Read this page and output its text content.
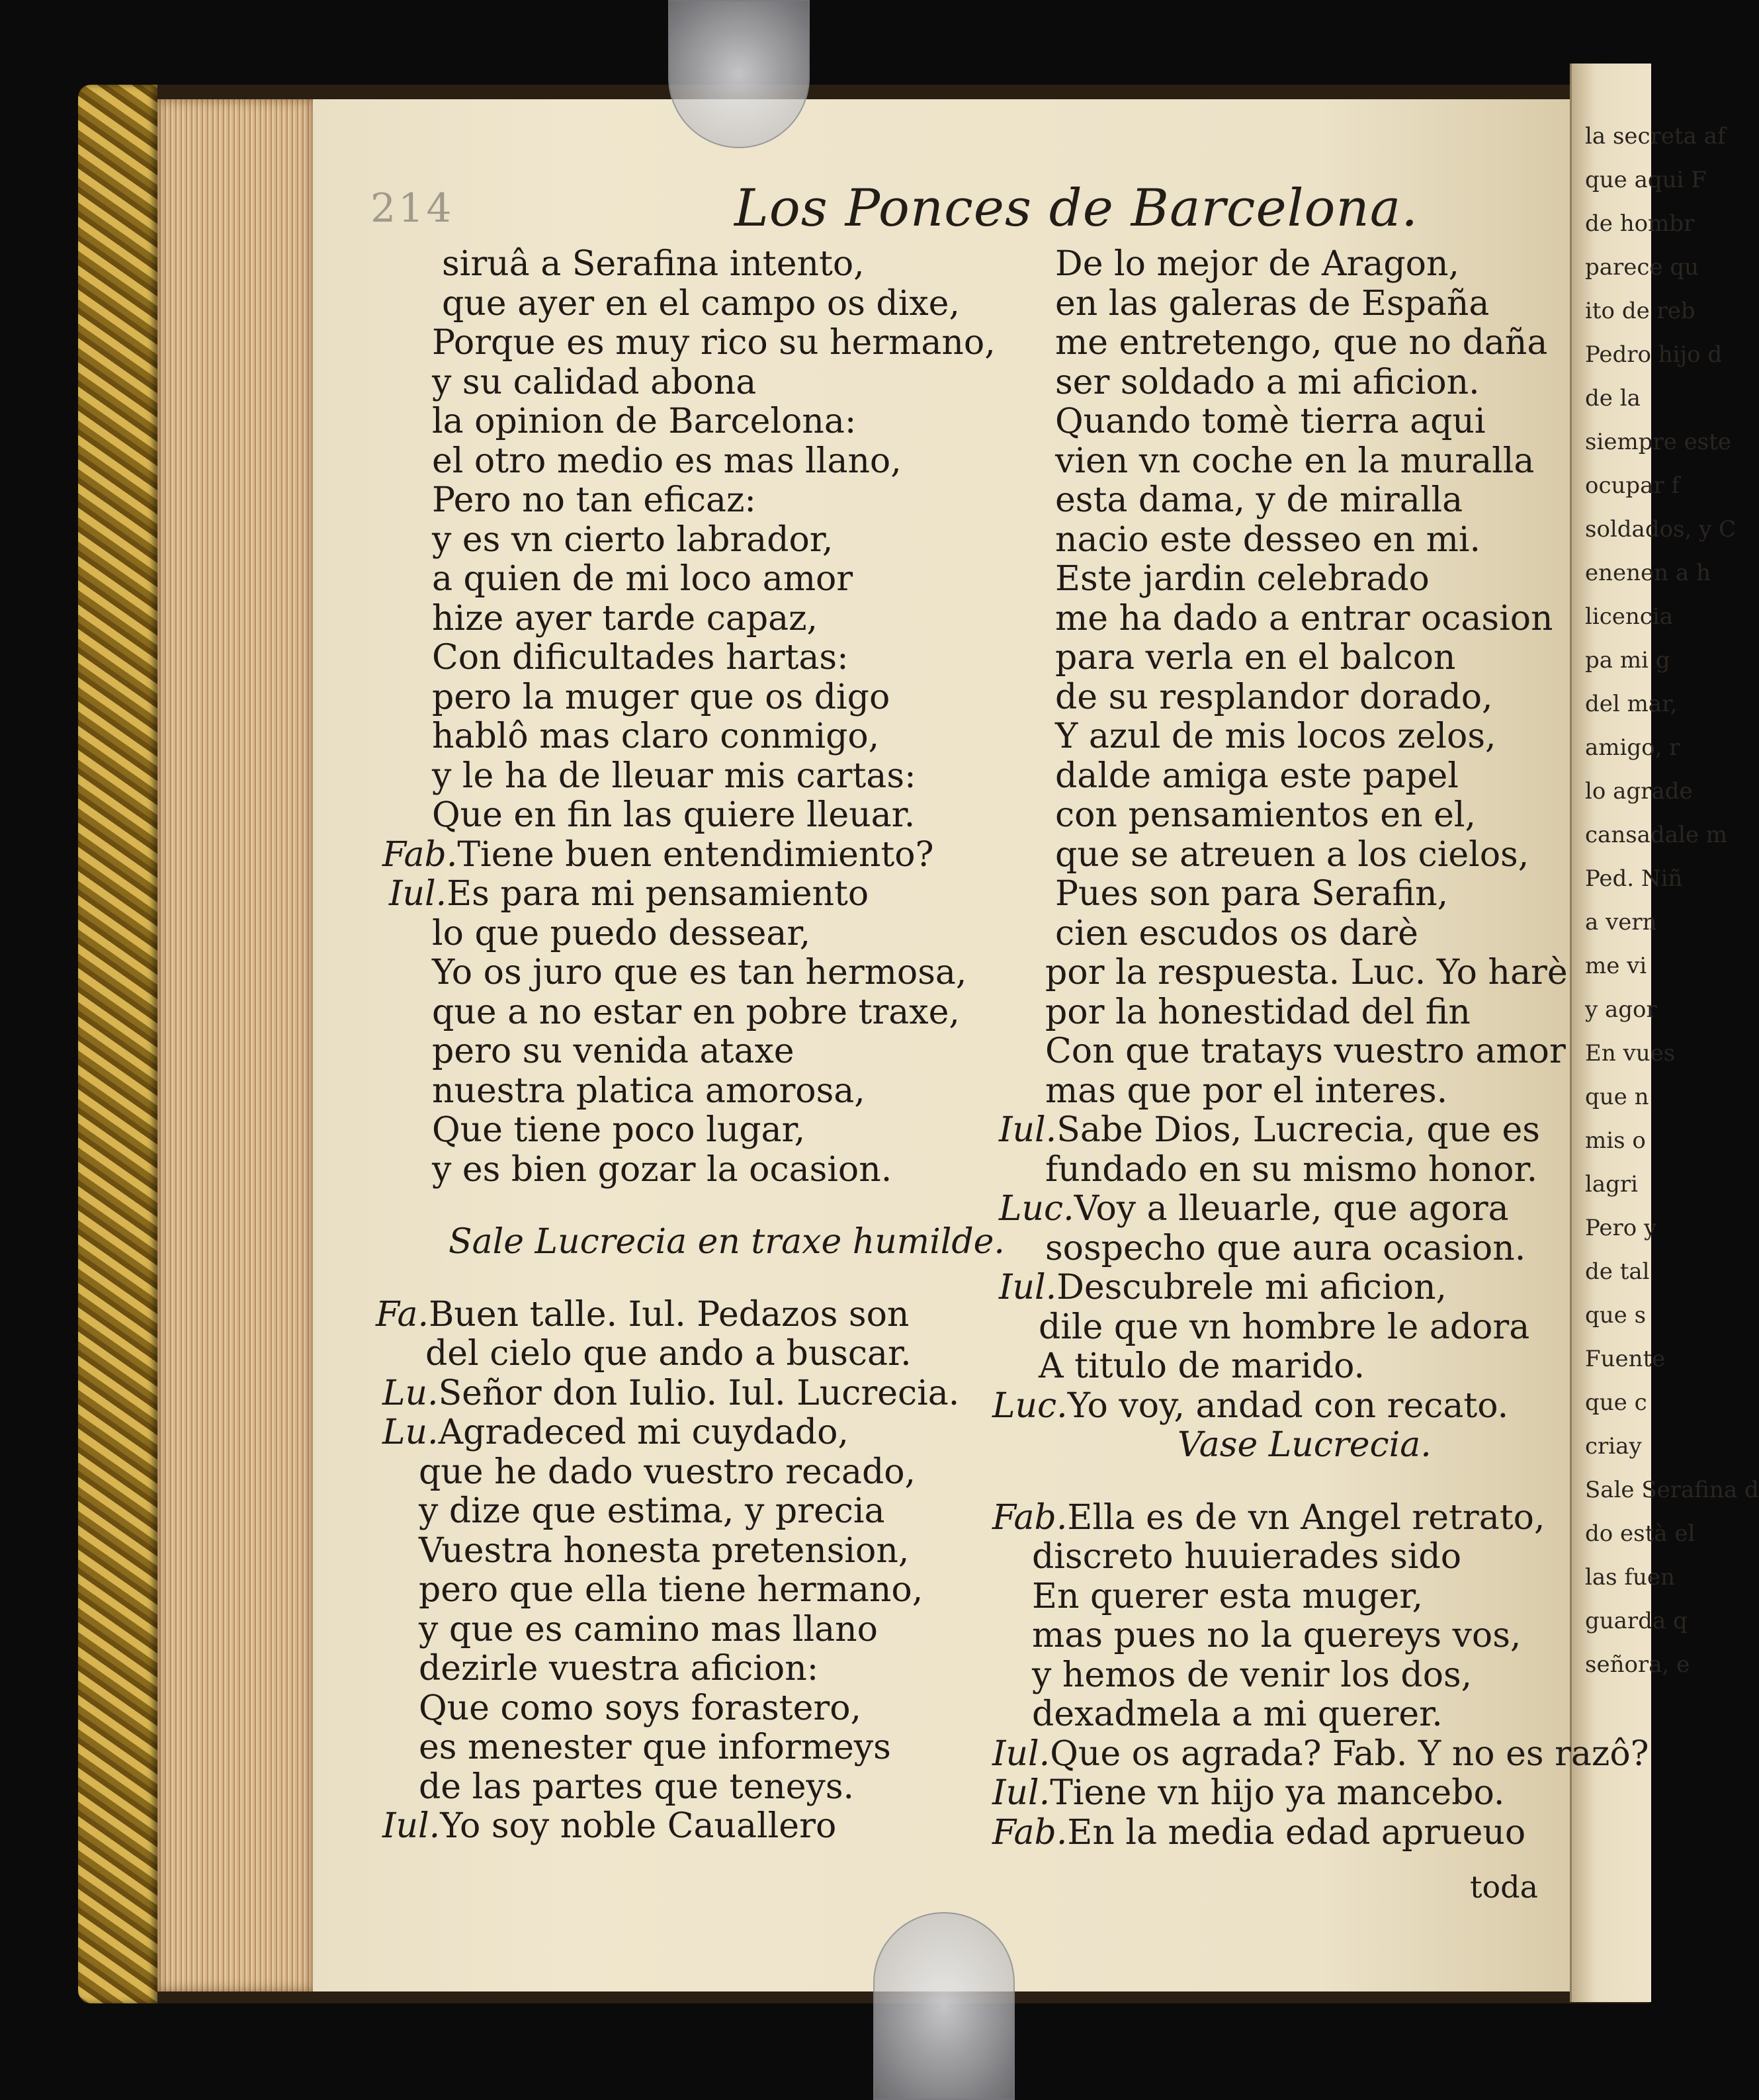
la secreta af
que aqui F
de hombr
parece qu
ito de reb
Pedro hijo d
de la
siempre este
ocupar f
soldados, y C
enenen a h
licencia
pa mi g
del mar,
amigo, r
lo agrade
cansadale m
Ped. Niñ
a vern
me vi
y agor
En vues
que n
mis o
lagri
Pero y
de tal
que s
Fuente
que c
criay
Sale Serafina d
do està el
las fuen
guarda q
señora, e
214	Los Ponces de Barcelona.
siruâ a Serafina intento,
que ayer en el campo os dixe,
Porque es muy rico su hermano,
y su calidad abona
la opinion de Barcelona:
el otro medio es mas llano,
Pero no tan eficaz:
y es vn cierto labrador,
a quien de mi loco amor
hize ayer tarde capaz,
Con dificultades hartas:
pero la muger que os digo
hablô mas claro conmigo,
y le ha de lleuar mis cartas:
Que en fin las quiere lleuar.
Fab.Tiene buen entendimiento?
Iul.Es para mi pensamiento
lo que puedo dessear,
Yo os juro que es tan hermosa,
que a no estar en pobre traxe,
pero su venida ataxe
nuestra platica amorosa,
Que tiene poco lugar,
y es bien gozar la ocasion.
Sale Lucrecia en traxe humilde.
Fa.Buen talle. Iul. Pedazos son
del cielo que ando a buscar.
Lu.Señor don Iulio. Iul. Lucrecia.
Lu.Agradeced mi cuydado,
que he dado vuestro recado,
y dize que estima, y precia
Vuestra honesta pretension,
pero que ella tiene hermano,
y que es camino mas llano
dezirle vuestra aficion:
Que como soys forastero,
es menester que informeys
de las partes que teneys.
Iul.Yo soy noble Cauallero
De lo mejor de Aragon,
en las galeras de España
me entretengo, que no daña
ser soldado a mi aficion.
Quando tomè tierra aqui
vien vn coche en la muralla
esta dama, y de miralla
nacio este desseo en mi.
Este jardin celebrado
me ha dado a entrar ocasion
para verla en el balcon
de su resplandor dorado,
Y azul de mis locos zelos,
dalde amiga este papel
con pensamientos en el,
que se atreuen a los cielos,
Pues son para Serafin,
cien escudos os darè
por la respuesta. Luc. Yo harè
por la honestidad del fin
Con que tratays vuestro amor
mas que por el interes.
Iul.Sabe Dios, Lucrecia, que es
fundado en su mismo honor.
Luc.Voy a lleuarle, que agora
sospecho que aura ocasion.
Iul.Descubrele mi aficion,
dile que vn hombre le adora
A titulo de marido.
Luc.Yo voy, andad con recato.
Vase Lucrecia.
Fab.Ella es de vn Angel retrato,
discreto huuierades sido
En querer esta muger,
mas pues no la quereys vos,
y hemos de venir los dos,
dexadmela a mi querer.
Iul.Que os agrada? Fab. Y no es razô?
Iul.Tiene vn hijo ya mancebo.
Fab.En la media edad aprueuo
toda
